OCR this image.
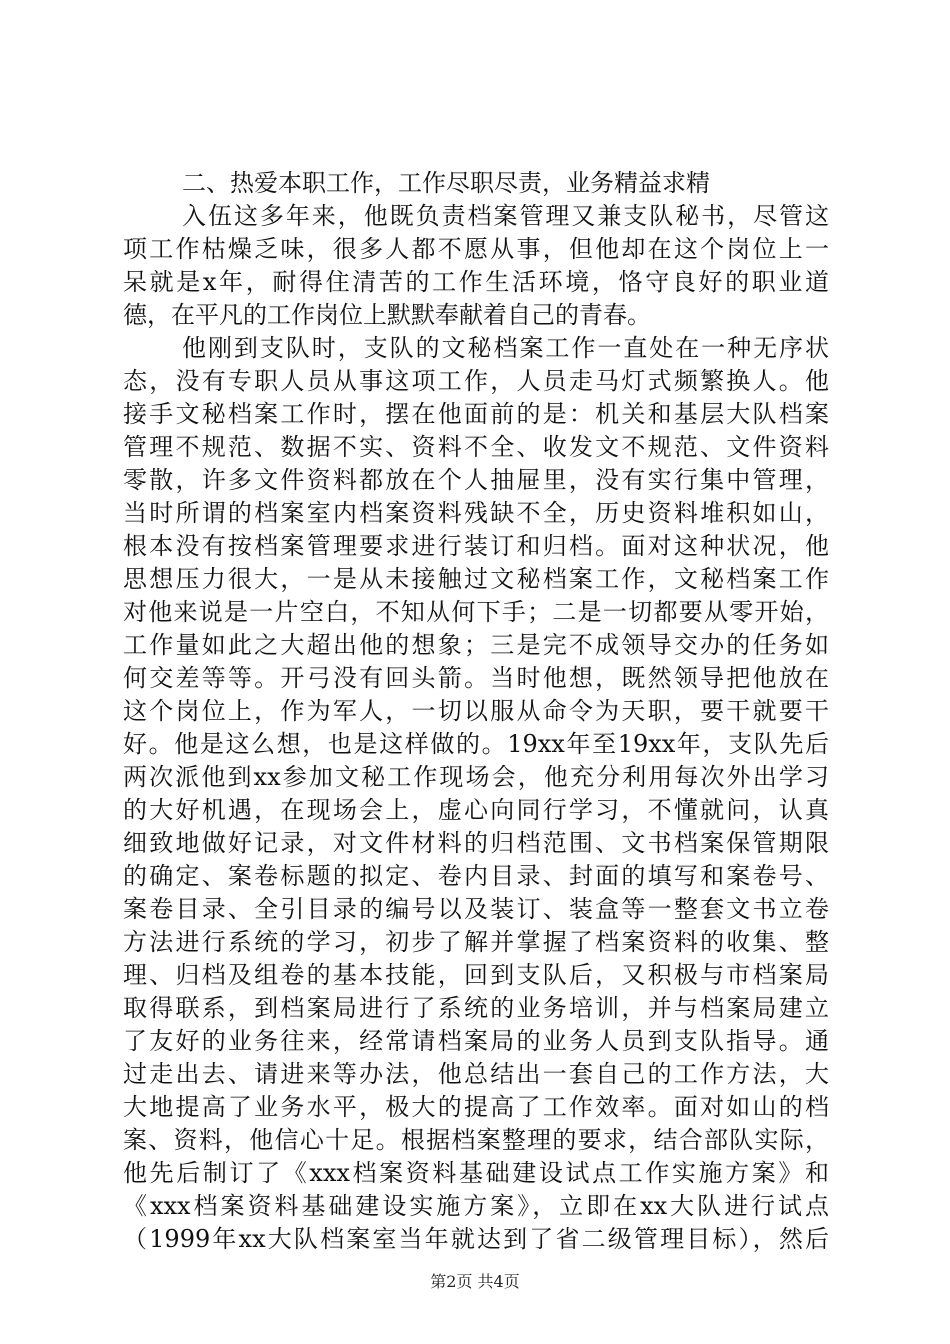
二、热爱本职工作，工作尽职尽责，业务精益求精
入伍这多年来，他既负责档案管理又兼支队秘书，尽管这
项工作枯燥乏味，很多人都不愿从事，但他却在这个岗位上一
呆就是x年，耐得住清苦的工作生活环境，恪守良好的职业道
德，在平凡的工作岗位上默默奉献着自己的青春。
他刚到支队时，支队的文秘档案工作一直处在一种无序状
态，没有专职人员从事这项工作，人员走马灯式频繁换人。他
接手文秘档案工作时，摆在他面前的是：机关和基层大队档案
管理不规范、数据不实、资料不全、收发文不规范、文件资料
零散，许多文件资料都放在个人抽屉里，没有实行集中管理，
当时所谓的档案室内档案资料残缺不全，历史资料堆积如山，
根本没有按档案管理要求进行装订和归档。面对这种状况，他
思想压力很大，一是从未接触过文秘档案工作，文秘档案工作
对他来说是一片空白，不知从何下手；二是一切都要从零开始，
工作量如此之大超出他的想象；三是完不成领导交办的任务如
何交差等等。开弓没有回头箭。当时他想，既然领导把他放在
这个岗位上，作为军人，一切以服从命令为天职，要干就要干
好。他是这么想，也是这样做的。19xx年至19xx年，支队先后
两次派他到xx参加文秘工作现场会，他充分利用每次外出学习
的大好机遇，在现场会上，虚心向同行学习，不懂就问，认真
细致地做好记录，对文件材料的归档范围、文书档案保管期限
的确定、案卷标题的拟定、卷内目录、封面的填写和案卷号、
案卷目录、全引目录的编号以及装订、装盒等一整套文书立卷
方法进行系统的学习，初步了解并掌握了档案资料的收集、整
理、归档及组卷的基本技能，回到支队后，又积极与市档案局
取得联系，到档案局进行了系统的业务培训，并与档案局建立
了友好的业务往来，经常请档案局的业务人员到支队指导。通
过走出去、请进来等办法，他总结出一套自己的工作方法，大
大地提高了业务水平，极大的提高了工作效率。面对如山的档
案、资料，他信心十足。根据档案整理的要求，结合部队实际，
他先后制订了《xxx档案资料基础建设试点工作实施方案》和
《xxx档案资料基础建设实施方案》，立即在xx大队进行试点
（1999年xx大队档案室当年就达到了省二级管理目标），然后
第2页 共4页
